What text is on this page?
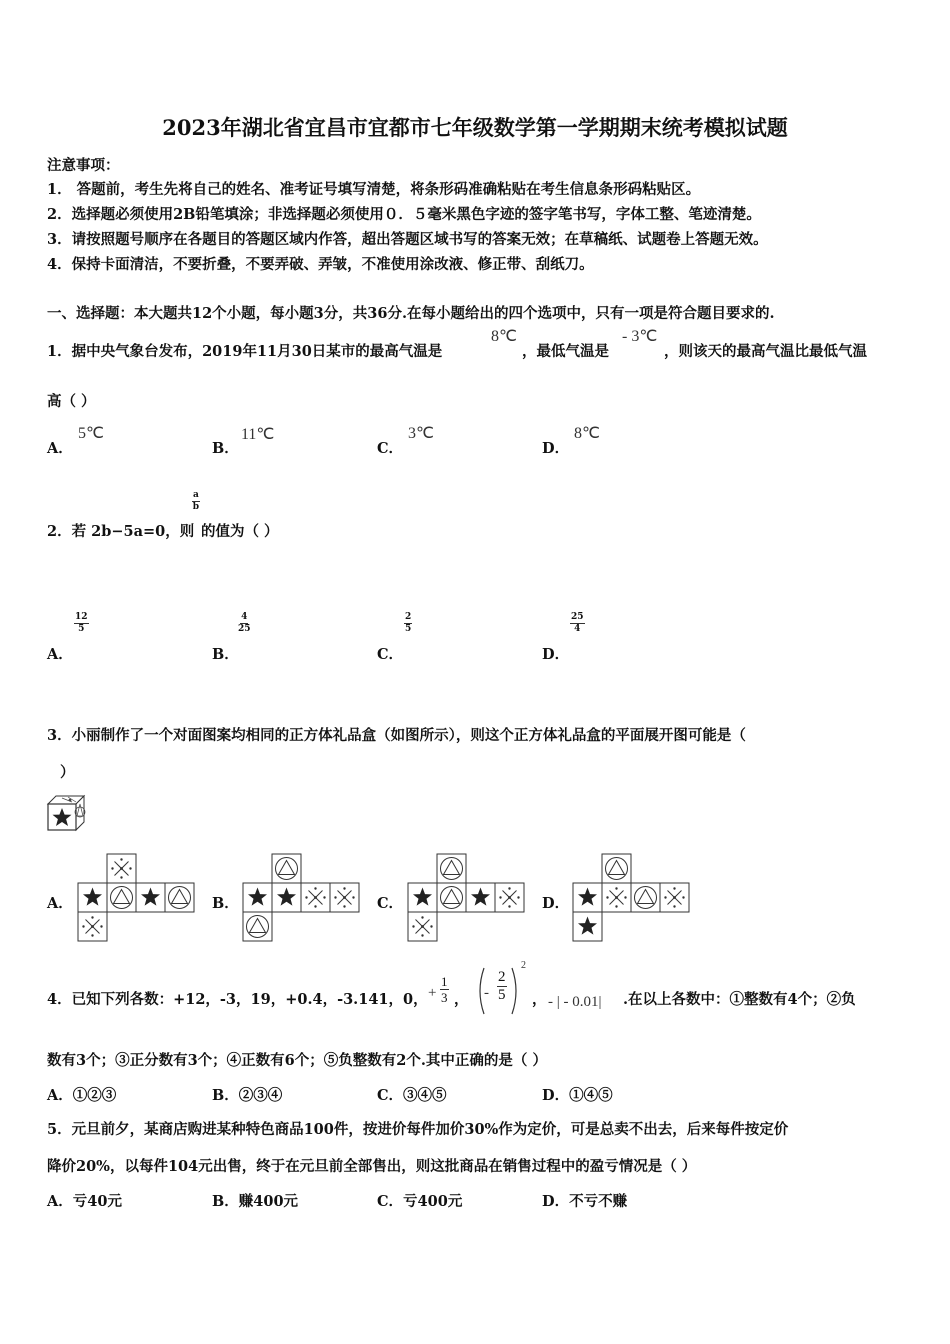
2023年湖北省宜昌市宜都市七年级数学第一学期期末统考模拟试题
注意事项：
1． 答题前，考生先将自己的姓名、准考证号填写清楚，将条形码准确粘贴在考生信息条形码粘贴区。
2．选择题必须使用2B铅笔填涂；非选择题必须使用０．５毫米黑色字迹的签字笔书写，字体工整、笔迹清楚。
3．请按照题号顺序在各题目的答题区域内作答，超出答题区域书写的答案无效；在草稿纸、试题卷上答题无效。
4．保持卡面清洁，不要折叠，不要弄破、弄皱，不准使用涂改液、修正带、刮纸刀。
一、选择题：本大题共12个小题，每小题3分，共36分.在每小题给出的四个选项中，只有一项是符合题目要求的.
1．据中央气象台发布，2019年11月30日某市的最高气温是
8℃
，最低气温是
- 3℃
，则该天的最高气温比最低气温
高（ ）
A．
5℃
B．
11℃
C．
3℃
D．
8℃
2．若 2b−5a=0，则
$\frac{a}{b}$
的值为（ ）
A．
$\frac{12}{5}$
B．
$\frac{4}{25}$
C．
$\frac{2}{5}$
D．
$\frac{25}{4}$
3．小丽制作了一个对面图案均相同的正方体礼品盒（如图所示），则这个正方体礼品盒的平面展开图可能是（
）
A．	B．	C．	D．
4．已知下列各数：+12，-3，19，+0.4，-3.141，0， + $\frac{1}{3}$ ， - $\frac{2}{5}$
2
， - | - 0.01| .在以上各数中：①整数有4个；②负
数有3个；③正分数有3个；④正数有6个；⑤负整数有2个.其中正确的是（ ）
A．①②③	B．②③④	C．③④⑤	D．①④⑤
5．元旦前夕，某商店购进某种特色商品100件，按进价每件加价30%作为定价，可是总卖不出去，后来每件按定价
降价20%，以每件104元出售，终于在元旦前全部售出，则这批商品在销售过程中的盈亏情况是（ ）
A．亏40元	B．赚400元	C．亏400元	D．不亏不赚
